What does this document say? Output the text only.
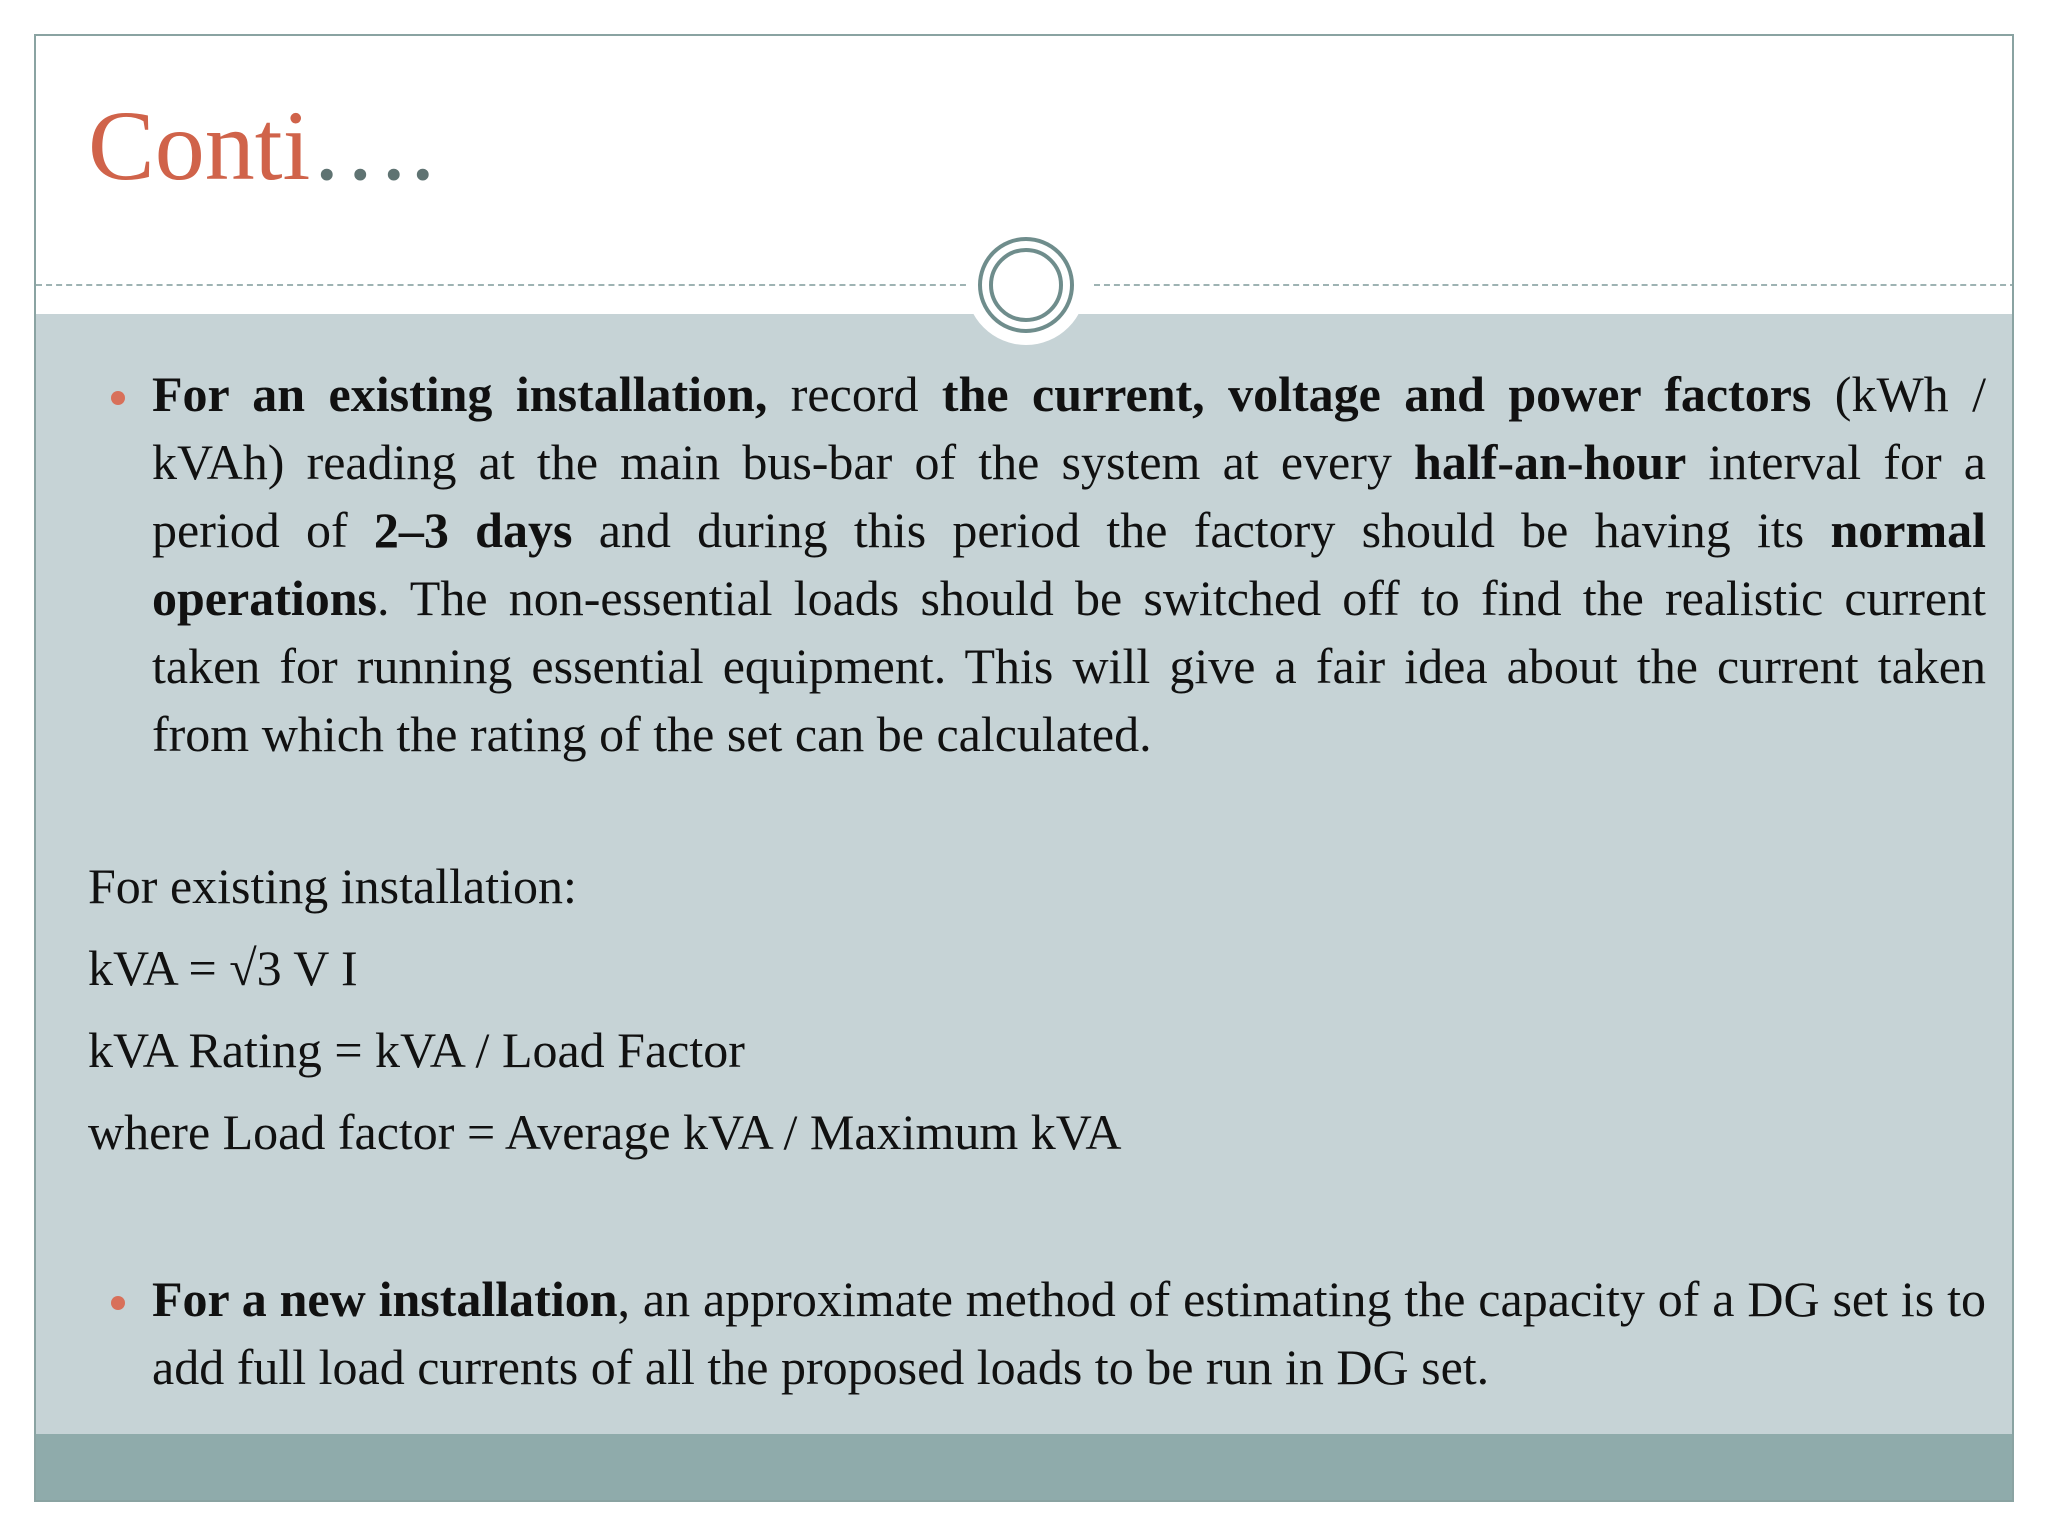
Conti….
For an existing installation, record the current, voltage and power factors (kWh / kVAh) reading at the main bus-bar of the system at every half-an-hour interval for a period of 2–3 days and during this period the factory should be having its normal operations. The non-essential loads should be switched off to find the realistic current taken for running essential equipment. This will give a fair idea about the current taken from which the rating of the set can be calculated.
For existing installation:
kVA = √3 V I
kVA Rating = kVA / Load Factor
where Load factor = Average kVA / Maximum kVA
For a new installation, an approximate method of estimating the capacity of a DG set is to add full load currents of all the proposed loads to be run in DG set.
